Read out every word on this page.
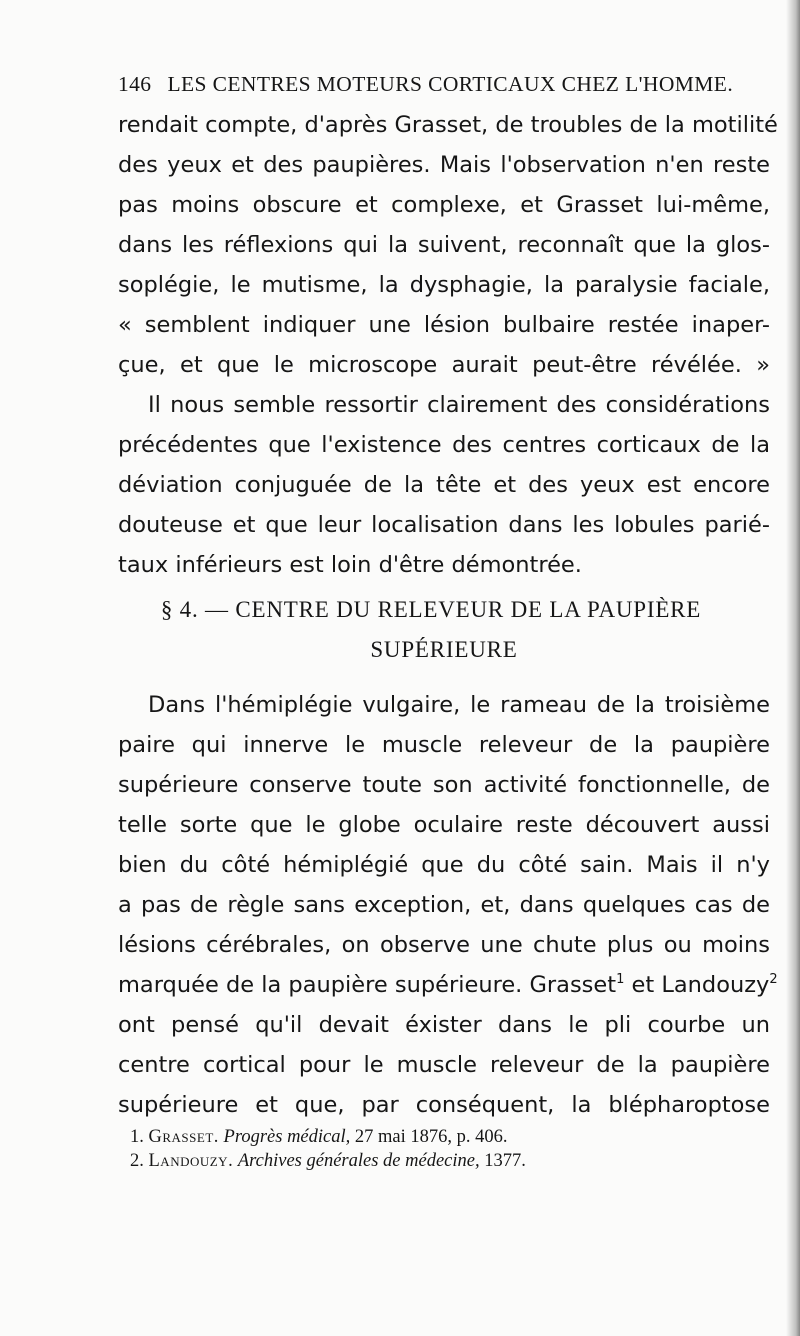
146 LES CENTRES MOTEURS CORTICAUX CHEZ L'HOMME.
rendait compte, d'après Grasset, de troubles de la motilité
des yeux et des paupières. Mais l'observation n'en reste
pas moins obscure et complexe, et Grasset lui-même,
dans les réflexions qui la suivent, reconnaît que la glos-
soplégie, le mutisme, la dysphagie, la paralysie faciale,
« semblent indiquer une lésion bulbaire restée inaper-
çue, et que le microscope aurait peut-être révélée. »
Il nous semble ressortir clairement des considérations
précédentes que l'existence des centres corticaux de la
déviation conjuguée de la tête et des yeux est encore
douteuse et que leur localisation dans les lobules parié-
taux inférieurs est loin d'être démontrée.
§ 4. — CENTRE DU RELEVEUR DE LA PAUPIÈRE
SUPÉRIEURE
Dans l'hémiplégie vulgaire, le rameau de la troisième
paire qui innerve le muscle releveur de la paupière
supérieure conserve toute son activité fonctionnelle, de
telle sorte que le globe oculaire reste découvert aussi
bien du côté hémiplégié que du côté sain. Mais il n'y
a pas de règle sans exception, et, dans quelques cas de
lésions cérébrales, on observe une chute plus ou moins
marquée de la paupière supérieure. Grasset$^1$ et Landouzy$^2$
ont pensé qu'il devait éxister dans le pli courbe un
centre cortical pour le muscle releveur de la paupière
supérieure et que, par conséquent, la blépharoptose
1. Grasset. Progrès médical, 27 mai 1876, p. 406.
2. Landouzy. Archives générales de médecine, 1377.
